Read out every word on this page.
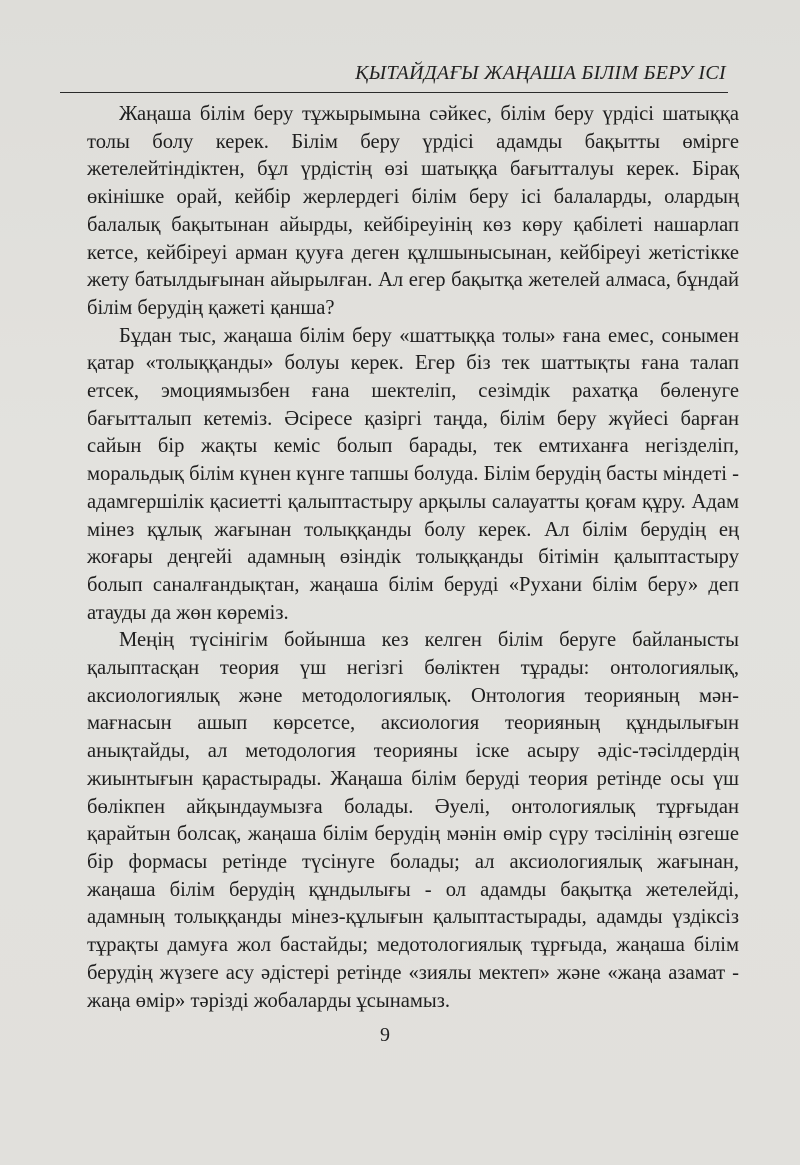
ҚЫТАЙДАҒЫ ЖАҢАША БІЛІМ БЕРУ ІСІ

Жаңаша білім беру тұжырымына сәйкес, білім беру үрдісі шатыққа толы болу керек. Білім беру үрдісі адамды бақытты өмірге жетелейтіндіктен, бұл үрдістің өзі шатыққа бағытталуы керек. Бірақ өкінішке орай, кейбір жерлердегі білім беру ісі балаларды, олардың балалық бақытынан айырды, кейбіреуінің көз көру қабілеті нашарлап кетсе, кейбіреуі арман қууға деген құлшынысынан, кейбіреуі жетістікке жету батылдығынан айырылған. Ал егер бақытқа жетелей алмаса, бұндай білім берудің қажеті қанша?

Бұдан тыс, жаңаша білім беру «шаттыққа толы» ғана емес, сонымен қатар «толыққанды» болуы керек. Егер біз тек шаттықты ғана талап етсек, эмоциямызбен ғана шектеліп, сезімдік рахатқа бөленуге бағытталып кетеміз. Әсіресе қазіргі таңда, білім беру жүйесі барған сайын бір жақты кеміс болып барады, тек емтиханға негізделіп, моральдық білім күнен күнге тапшы болуда. Білім берудің басты міндеті - адамгершілік қасиетті қалыптастыру арқылы салауатты қоғам құру. Адам мінез құлық жағынан толыққанды болу керек. Ал білім берудің ең жоғары деңгейі адамның өзіндік толыққанды бітімін қалыптастыру болып саналғандықтан, жаңаша білім беруді «Рухани білім беру» деп атауды да жөн көреміз.

Меңің түсінігім бойынша кез келген білім беруге байланысты қалыптасқан теория үш негізгі бөліктен тұрады: онтологиялық, аксиологиялық және методологиялық. Онтология теорияның мән-мағнасын ашып көрсетсе, аксиология теорияның құндылығын анықтайды, ал методология теорияны іске асыру әдіс-тәсілдердің жиынтығын қарастырады. Жаңаша білім беруді теория ретінде осы үш бөлікпен айқындаумызға болады. Әуелі, онтологиялық тұрғыдан қарайтын болсақ, жаңаша білім берудің мәнін өмір сүру тәсілінің өзгеше бір формасы ретінде түсінуге болады; ал аксиологиялық жағынан, жаңаша білім берудің құндылығы - ол адамды бақытқа жетелейді, адамның толыққанды мінез-құлығын қалыптастырады, адамды үздіксіз тұрақты дамуға жол бастайды; медотологиялық тұрғыда, жаңаша білім берудің жүзеге асу әдістері ретінде «зиялы мектеп» және «жаңа азамат - жаңа өмір» тәрізді жобаларды ұсынамыз.

9
